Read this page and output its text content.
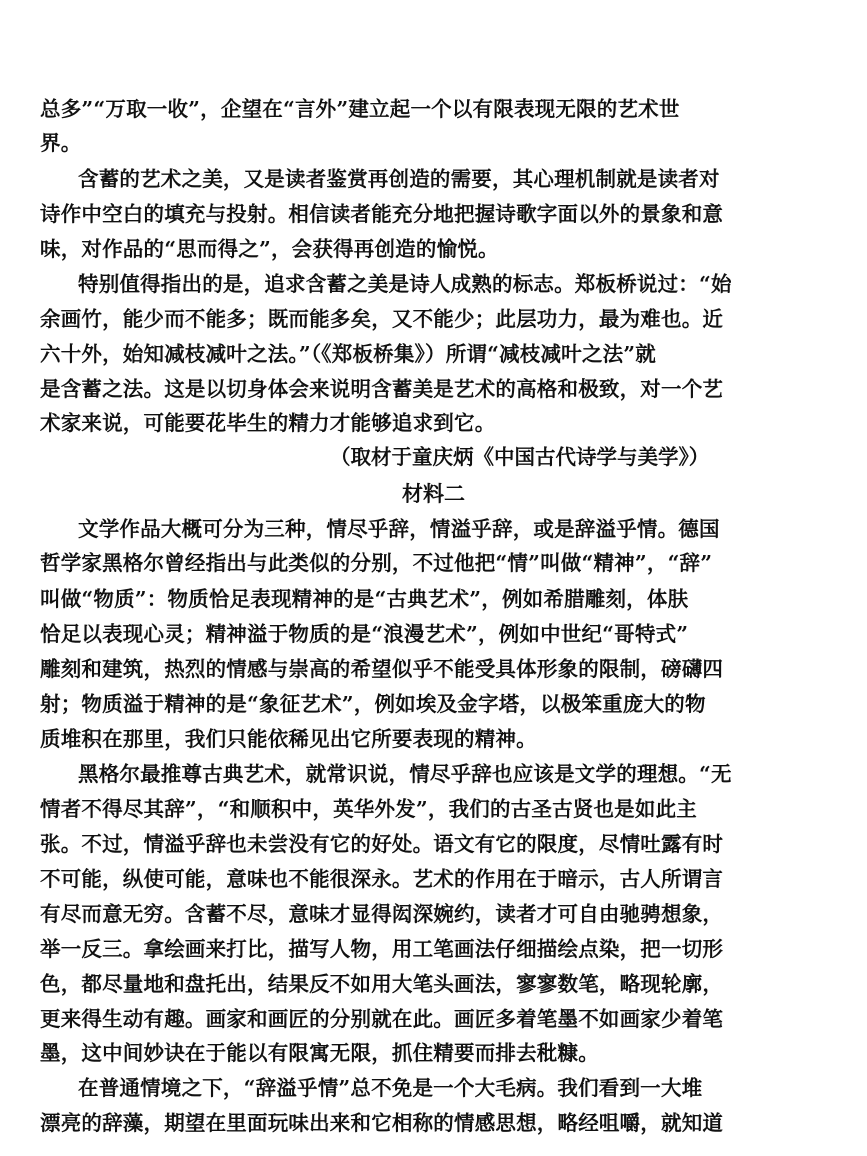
总多”“万取一收”，企望在“言外”建立起一个以有限表现无限的艺术世
界。
含蓄的艺术之美，又是读者鉴赏再创造的需要，其心理机制就是读者对
诗作中空白的填充与投射。相信读者能充分地把握诗歌字面以外的景象和意
味，对作品的“思而得之”，会获得再创造的愉悦。
特别值得指出的是，追求含蓄之美是诗人成熟的标志。郑板桥说过：“始
余画竹，能少而不能多；既而能多矣，又不能少；此层功力，最为难也。近
六十外，始知减枝减叶之法。”（《郑板桥集》）所谓“减枝减叶之法”就
是含蓄之法。这是以切身体会来说明含蓄美是艺术的高格和极致，对一个艺
术家来说，可能要花毕生的精力才能够追求到它。
（取材于童庆炳《中国古代诗学与美学》）
材料二
文学作品大概可分为三种，情尽乎辞，情溢乎辞，或是辞溢乎情。德国
哲学家黑格尔曾经指出与此类似的分别，不过他把“情”叫做“精神”，“辞”
叫做“物质”：物质恰足表现精神的是“古典艺术”，例如希腊雕刻，体肤
恰足以表现心灵；精神溢于物质的是“浪漫艺术”，例如中世纪“哥特式”
雕刻和建筑，热烈的情感与崇高的希望似乎不能受具体形象的限制，磅礴四
射；物质溢于精神的是“象征艺术”，例如埃及金字塔，以极笨重庞大的物
质堆积在那里，我们只能依稀见出它所要表现的精神。
黑格尔最推尊古典艺术，就常识说，情尽乎辞也应该是文学的理想。“无
情者不得尽其辞”，“和顺积中，英华外发”，我们的古圣古贤也是如此主
张。不过，情溢乎辞也未尝没有它的好处。语文有它的限度，尽情吐露有时
不可能，纵使可能，意味也不能很深永。艺术的作用在于暗示，古人所谓言
有尽而意无穷。含蓄不尽，意味才显得闳深婉约，读者才可自由驰骋想象，
举一反三。拿绘画来打比，描写人物，用工笔画法仔细描绘点染，把一切形
色，都尽量地和盘托出，结果反不如用大笔头画法，寥寥数笔，略现轮廓，
更来得生动有趣。画家和画匠的分别就在此。画匠多着笔墨不如画家少着笔
墨，这中间妙诀在于能以有限寓无限，抓住精要而排去秕糠。
在普通情境之下，“辞溢乎情”总不免是一个大毛病。我们看到一大堆
漂亮的辞藻，期望在里面玩味出来和它相称的情感思想，略经咀嚼，就知道
